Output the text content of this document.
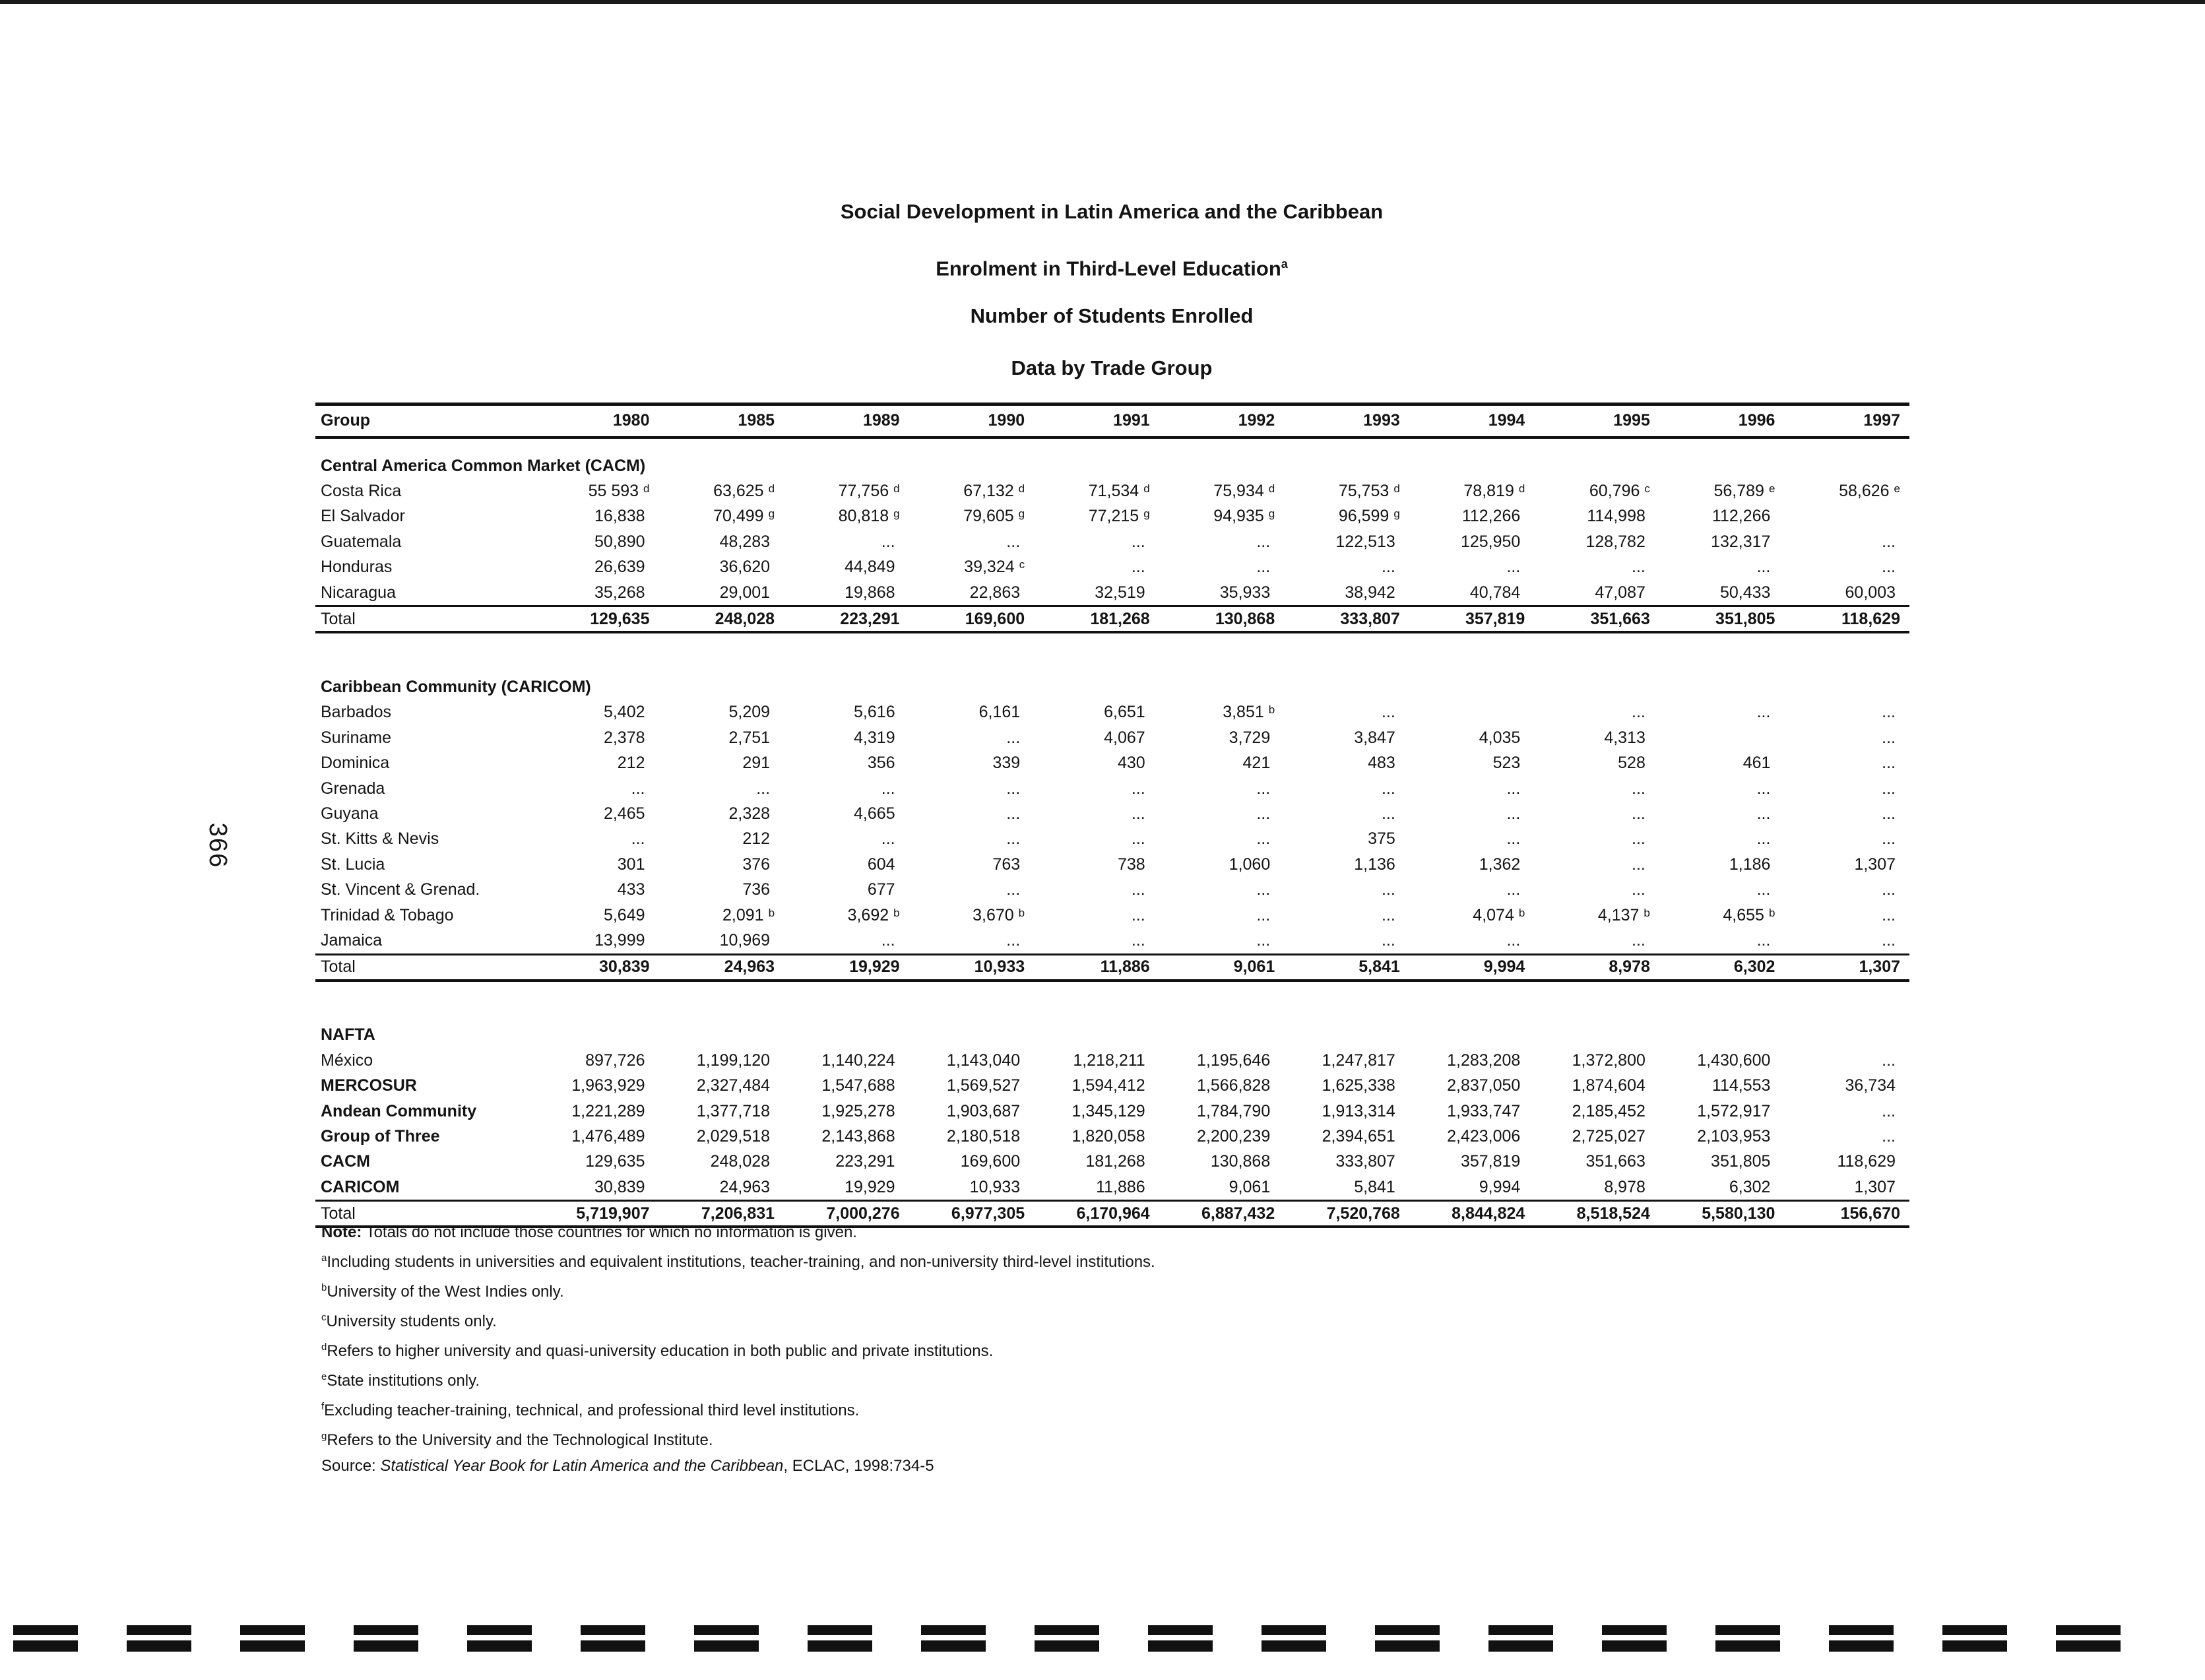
Social Development in Latin America and the Caribbean
Enrolment in Third-Level Education$^a$
Number of Students Enrolled
Data by Trade Group
366
Group	1980	1985	1989	1990	1991	1992	1993	1994	1995	1996	1997

Central America Common Market (CACM)											
Costa Rica	55 593 $^d$	63,625 $^d$	77,756 $^d$	67,132 $^d$	71,534 $^d$	75,934 $^d$	75,753 $^d$	78,819 $^d$	60,796 $^c$	56,789 $^e$	58,626 $^e$
El Salvador	16,838	70,499 $^g$	80,818 $^g$	79,605 $^g$	77,215 $^g$	94,935 $^g$	96,599 $^g$	112,266	114,998	112,266	
Guatemala	50,890	48,283	...	...	...	...	122,513	125,950	128,782	132,317	...
Honduras	26,639	36,620	44,849	39,324 $^c$	...	...	...	...	...	...	...
Nicaragua	35,268	29,001	19,868	22,863	32,519	35,933	38,942	40,784	47,087	50,433	60,003
Total	129,635	248,028	223,291	169,600	181,268	130,868	333,807	357,819	351,663	351,805	118,629

Caribbean Community (CARICOM)											
Barbados	5,402	5,209	5,616	6,161	6,651	3,851 $^b$	...		...	...	...
Suriname	2,378	2,751	4,319	...	4,067	3,729	3,847	4,035	4,313		...
Dominica	212	291	356	339	430	421	483	523	528	461	...
Grenada	...	...	...	...	...	...	...	...	...	...	...
Guyana	2,465	2,328	4,665	...	...	...	...	...	...	...	...
St. Kitts & Nevis	...	212	...	...	...	...	375	...	...	...	...
St. Lucia	301	376	604	763	738	1,060	1,136	1,362	...	1,186	1,307
St. Vincent & Grenad.	433	736	677	...	...	...	...	...	...	...	...
Trinidad & Tobago	5,649	2,091 $^b$	3,692 $^b$	3,670 $^b$	...	...	...	4,074 $^b$	4,137 $^b$	4,655 $^b$	...
Jamaica	13,999	10,969	...	...	...	...	...	...	...	...	...
Total	30,839	24,963	19,929	10,933	11,886	9,061	5,841	9,994	8,978	6,302	1,307

NAFTA											
México	897,726	1,199,120	1,140,224	1,143,040	1,218,211	1,195,646	1,247,817	1,283,208	1,372,800	1,430,600	...
MERCOSUR	1,963,929	2,327,484	1,547,688	1,569,527	1,594,412	1,566,828	1,625,338	2,837,050	1,874,604	114,553	36,734
Andean Community	1,221,289	1,377,718	1,925,278	1,903,687	1,345,129	1,784,790	1,913,314	1,933,747	2,185,452	1,572,917	...
Group of Three	1,476,489	2,029,518	2,143,868	2,180,518	1,820,058	2,200,239	2,394,651	2,423,006	2,725,027	2,103,953	...
CACM	129,635	248,028	223,291	169,600	181,268	130,868	333,807	357,819	351,663	351,805	118,629
CARICOM	30,839	24,963	19,929	10,933	11,886	9,061	5,841	9,994	8,978	6,302	1,307
Total	5,719,907	7,206,831	7,000,276	6,977,305	6,170,964	6,887,432	7,520,768	8,844,824	8,518,524	5,580,130	156,670
Note: Totals do not include those countries for which no information is given.
$^a$Including students in universities and equivalent institutions, teacher-training, and non-university third-level institutions.
$^b$University of the West Indies only.
$^c$University students only.
$^d$Refers to higher university and quasi-university education in both public and private institutions.
$^e$State institutions only.
$^f$Excluding teacher-training, technical, and professional third level institutions.
$^g$Refers to the University and the Technological Institute.
Source: Statistical Year Book for Latin America and the Caribbean, ECLAC, 1998:734-5
